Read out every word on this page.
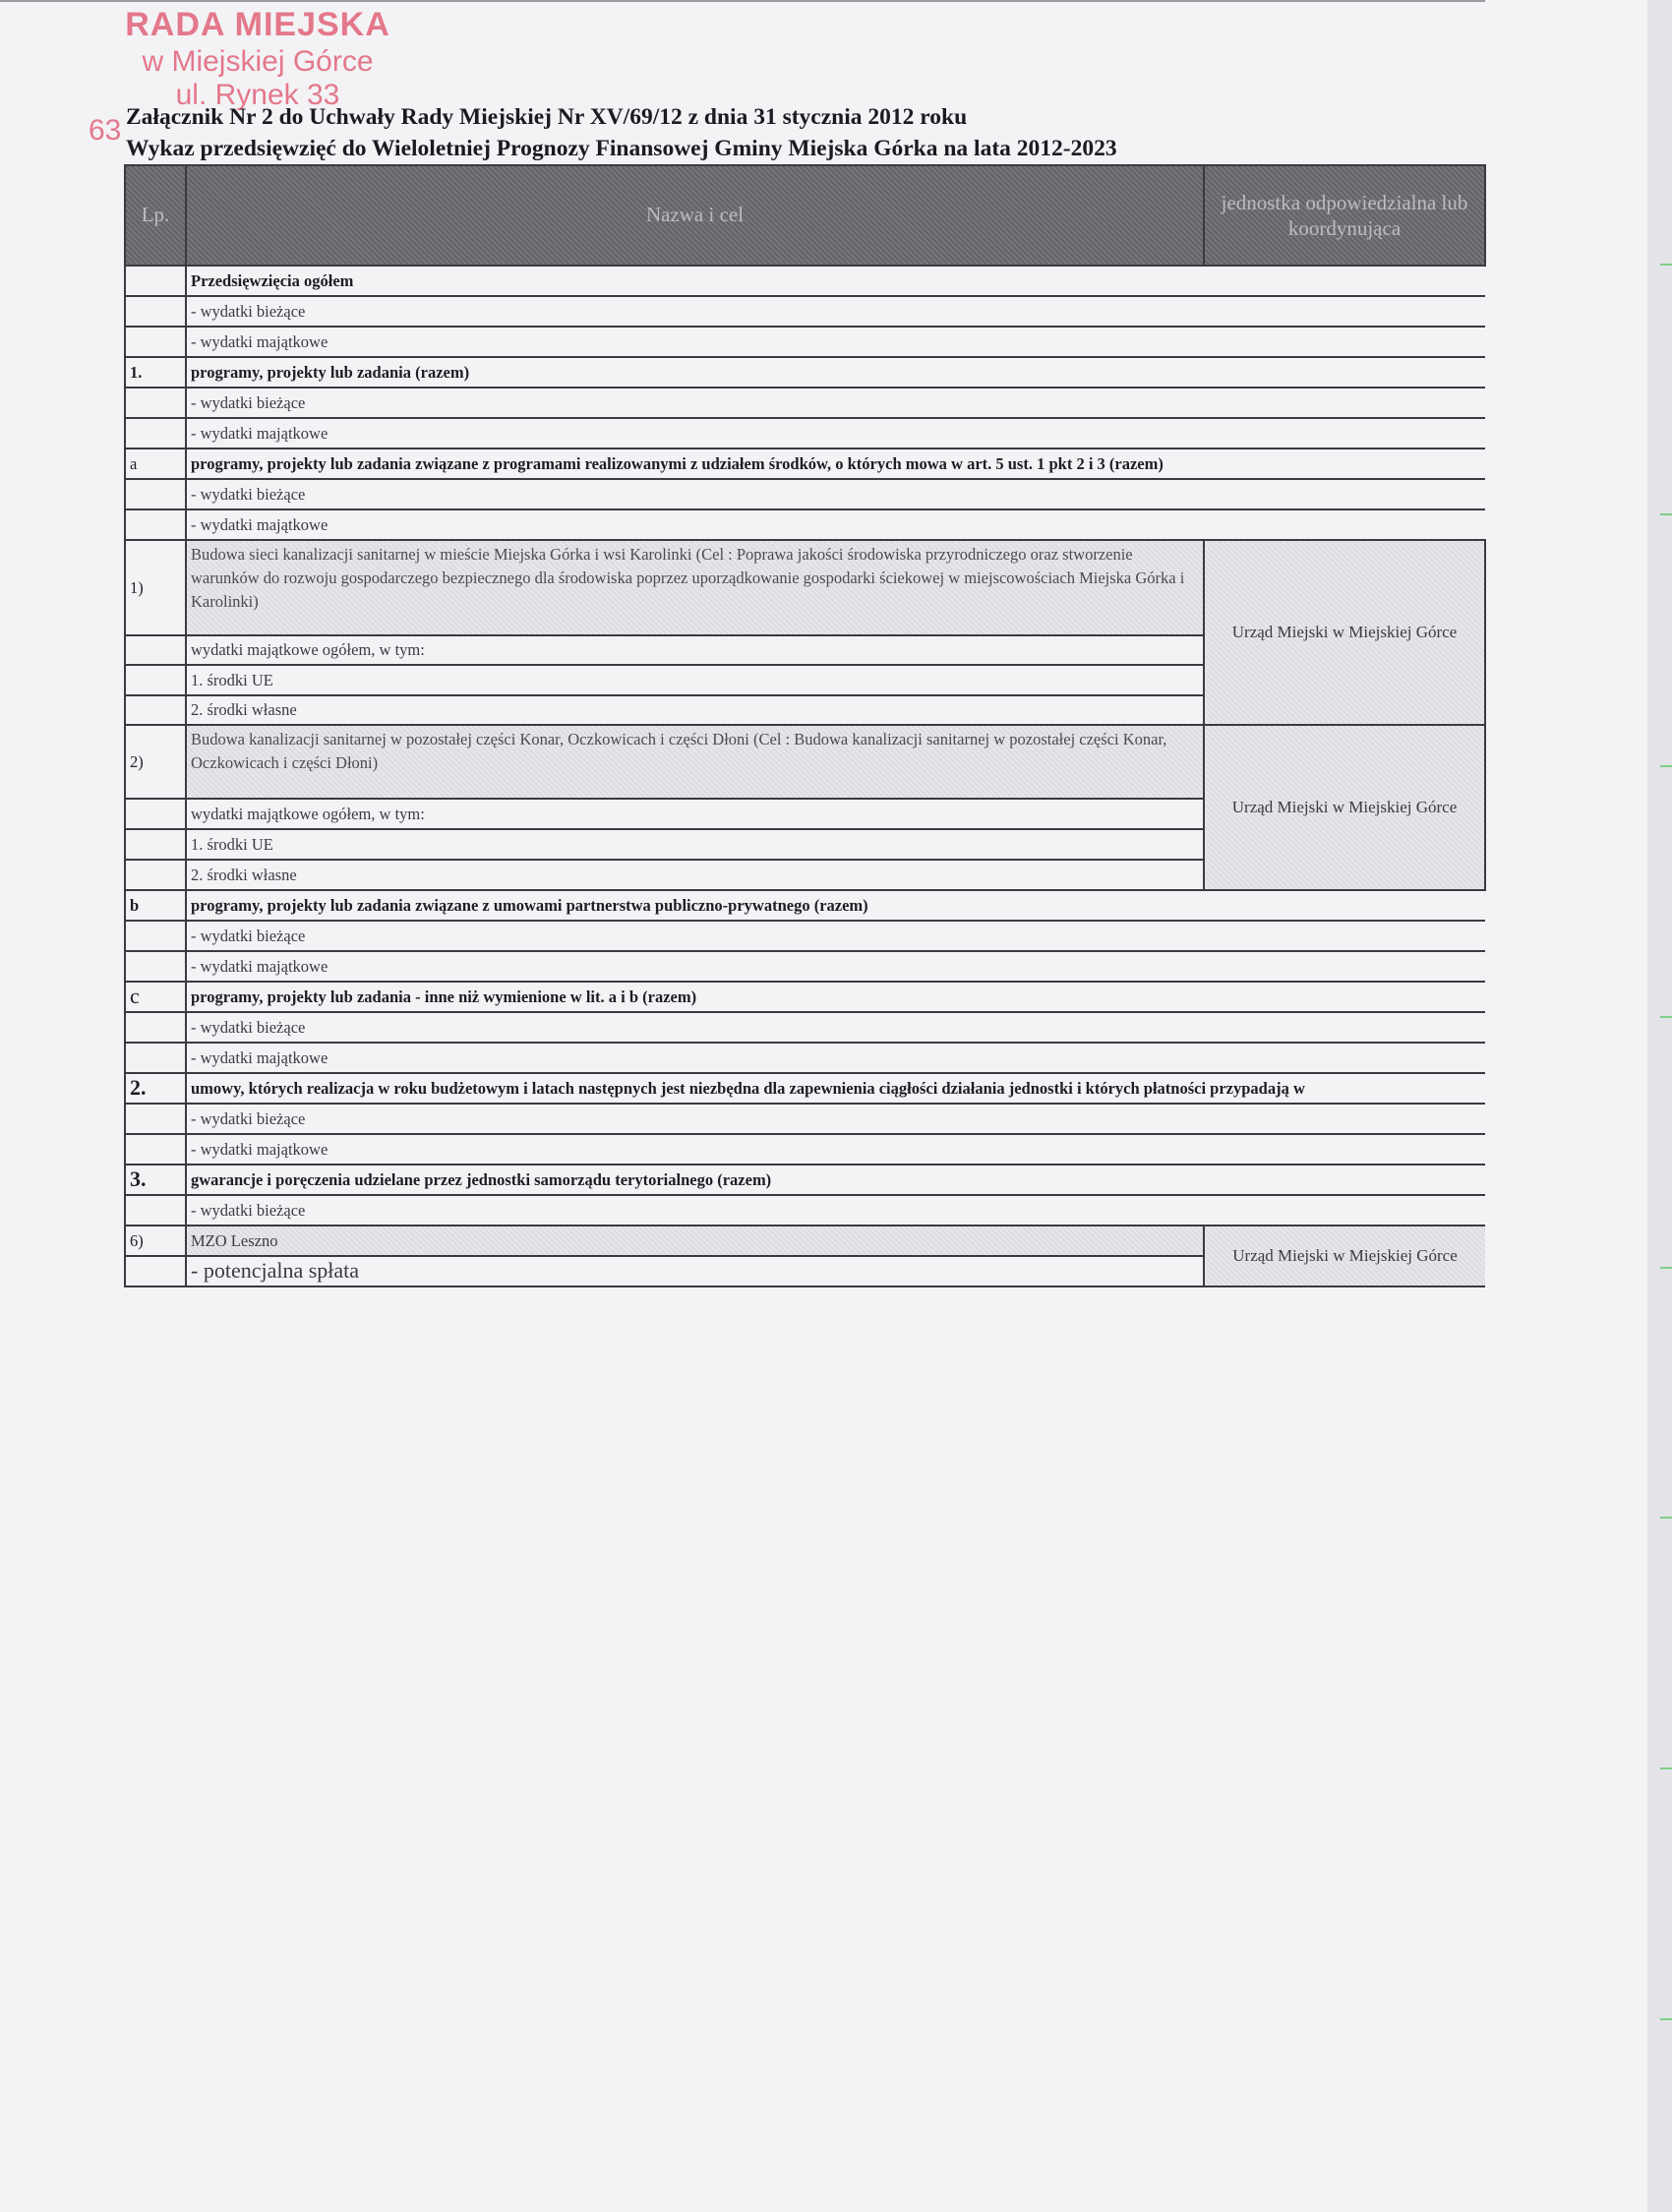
RADA MIEJSKA
w Miejskiej Górce
ul. Rynek 33
63 Załącznik Nr 2 do Uchwały Rady Miejskiej Nr XV/69/12 z dnia 31 stycznia 2012 roku
Wykaz przedsięwzięć do Wieloletniej Prognozy Finansowej Gminy Miejska Górka na lata 2012-2023
Lp.	Nazwa i cel	jednostka odpowiedzialna lub koordynująca
	Przedsięwzięcia ogółem	
	- wydatki bieżące	
	- wydatki majątkowe	
1.	programy, projekty lub zadania (razem)	
	- wydatki bieżące	
	- wydatki majątkowe	
a	programy, projekty lub zadania związane z programami realizowanymi z udziałem środków, o których mowa w art. 5 ust. 1 pkt 2 i 3 (razem)	
	- wydatki bieżące	
	- wydatki majątkowe	
1)	Budowa sieci kanalizacji sanitarnej w mieście Miejska Górka i wsi Karolinki (Cel : Poprawa jakości środowiska przyrodniczego oraz stworzenie warunków do rozwoju gospodarczego bezpiecznego dla środowiska poprzez uporządkowanie gospodarki ściekowej w miejscowościach Miejska Górka i Karolinki)	Urząd Miejski w Miejskiej Górce
	wydatki majątkowe ogółem, w tym:	
	1. środki UE	
	2. środki własne	
2)	Budowa kanalizacji sanitarnej w pozostałej części Konar, Oczkowicach i części Dłoni (Cel : Budowa kanalizacji sanitarnej w pozostałej części Konar, Oczkowicach i części Dłoni)	Urząd Miejski w Miejskiej Górce
	wydatki majątkowe ogółem, w tym:	
	1. środki UE	
	2. środki własne	
b	programy, projekty lub zadania związane z umowami partnerstwa publiczno-prywatnego (razem)	
	- wydatki bieżące	
	- wydatki majątkowe	
c	programy, projekty lub zadania - inne niż wymienione w lit. a i b (razem)	
	- wydatki bieżące	
	- wydatki majątkowe	
2.	umowy, których realizacja w roku budżetowym i latach następnych jest niezbędna dla zapewnienia ciągłości działania jednostki i których płatności przypadają w	
	- wydatki bieżące	
	- wydatki majątkowe	
3.	gwarancje i poręczenia udzielane przez jednostki samorządu terytorialnego (razem)	
	- wydatki bieżące	
6)	MZO Leszno	Urząd Miejski w Miejskiej Górce
	- potencjalna spłata	
